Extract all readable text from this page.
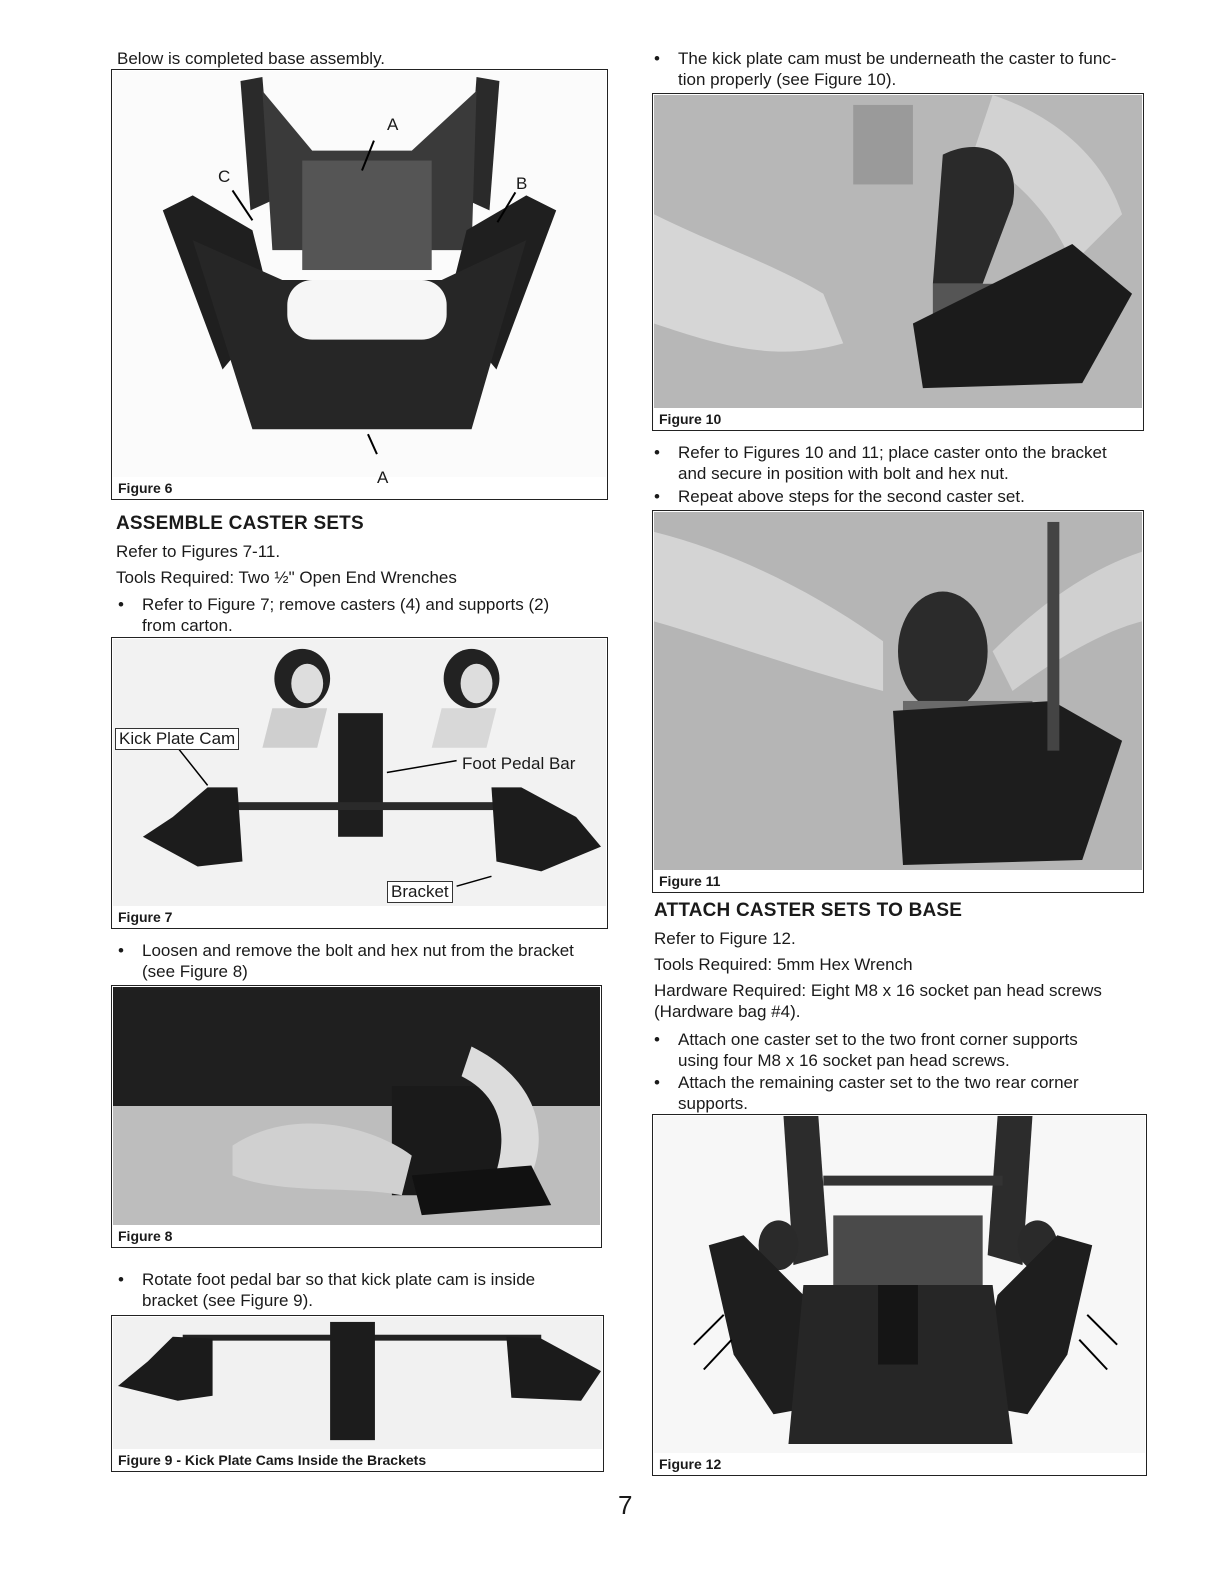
Below is completed base assembly.
A
C	B
A
Figure 6
ASSEMBLE CASTER SETS
Refer to Figures 7-11.
Tools Required: Two ½" Open End Wrenches
• Refer to Figure 7; remove casters (4) and supports (2)
from carton.
Kick Plate Cam
Foot Pedal Bar
Bracket
Figure 7
• Loosen and remove the bolt and hex nut from the bracket
(see Figure 8)
Figure 8
• Rotate foot pedal bar so that kick plate cam is inside
bracket (see Figure 9).
Figure 9 - Kick Plate Cams Inside the Brackets
• The kick plate cam must be underneath the caster to func-
tion properly (see Figure 10).
Figure 10
• Refer to Figures 10 and 11; place caster onto the bracket
and secure in position with bolt and hex nut.
• Repeat above steps for the second caster set.
Figure 11
ATTACH CASTER SETS TO BASE
Refer to Figure 12.
Tools Required: 5mm Hex Wrench
Hardware Required: Eight M8 x 16 socket pan head screws
(Hardware bag #4).
• Attach one caster set to the two front corner supports
using four M8 x 16 socket pan head screws.
• Attach the remaining caster set to the two rear corner
supports.
Figure 12
7
